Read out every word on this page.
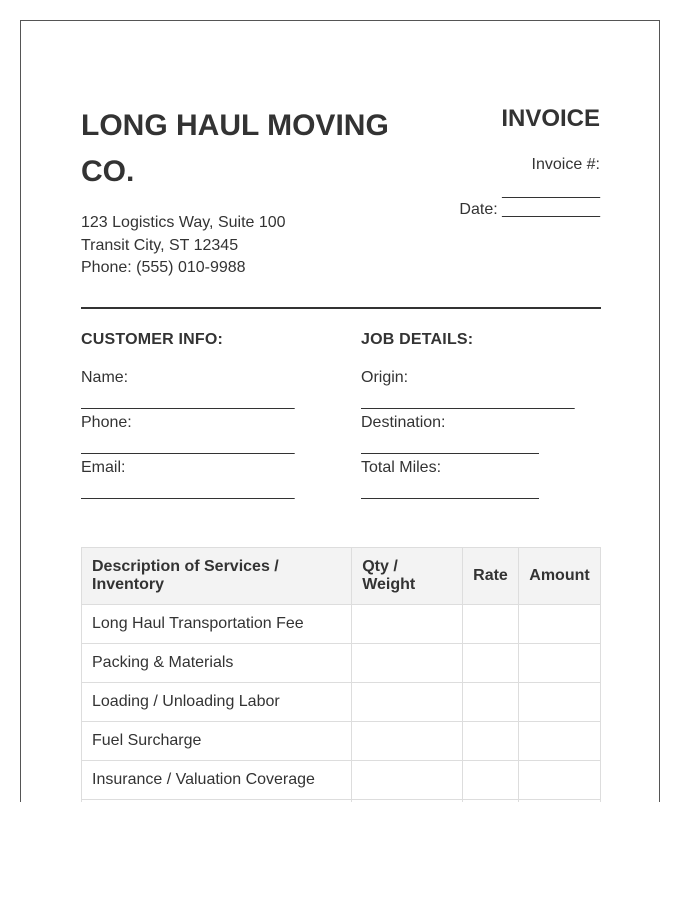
LONG HAUL MOVING CO.
123 Logistics Way, Suite 100
Transit City, ST 12345
Phone: (555) 010-9988
INVOICE
Invoice #:
___________
Date: ___________
CUSTOMER INFO:
Name:
________________________
Phone:
________________________
Email:
________________________
JOB DETAILS:
Origin:
________________________
Destination:
____________________
Total Miles:
____________________
Description of Services / Inventory	Qty / Weight	Rate	Amount
Long Haul Transportation Fee			
Packing & Materials			
Loading / Unloading Labor			
Fuel Surcharge			
Insurance / Valuation Coverage			
